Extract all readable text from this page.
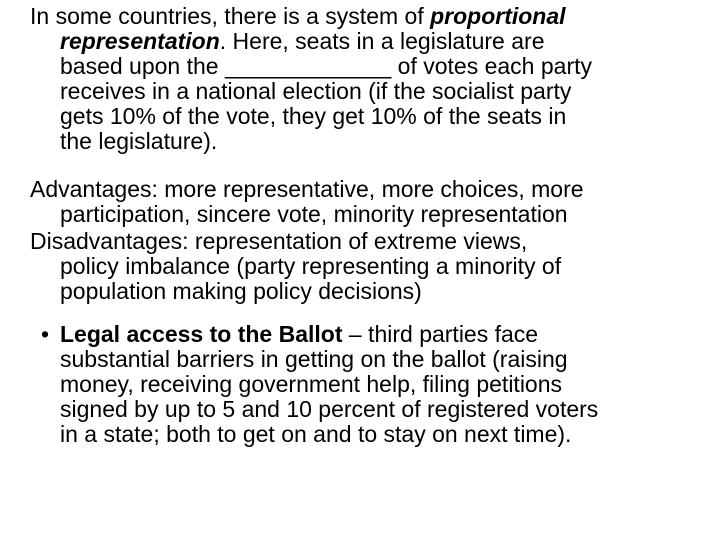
In some countries, there is a system of proportional
representation. Here, seats in a legislature are
based upon the _____________ of votes each party
receives in a national election (if the socialist party
gets 10% of the vote, they get 10% of the seats in
the legislature).
Advantages: more representative, more choices, more
participation, sincere vote, minority representation
Disadvantages: representation of extreme views,
policy imbalance (party representing a minority of
population making policy decisions)
• Legal access to the Ballot – third parties face
substantial barriers in getting on the ballot (raising
money, receiving government help, filing petitions
signed by up to 5 and 10 percent of registered voters
in a state; both to get on and to stay on next time).
